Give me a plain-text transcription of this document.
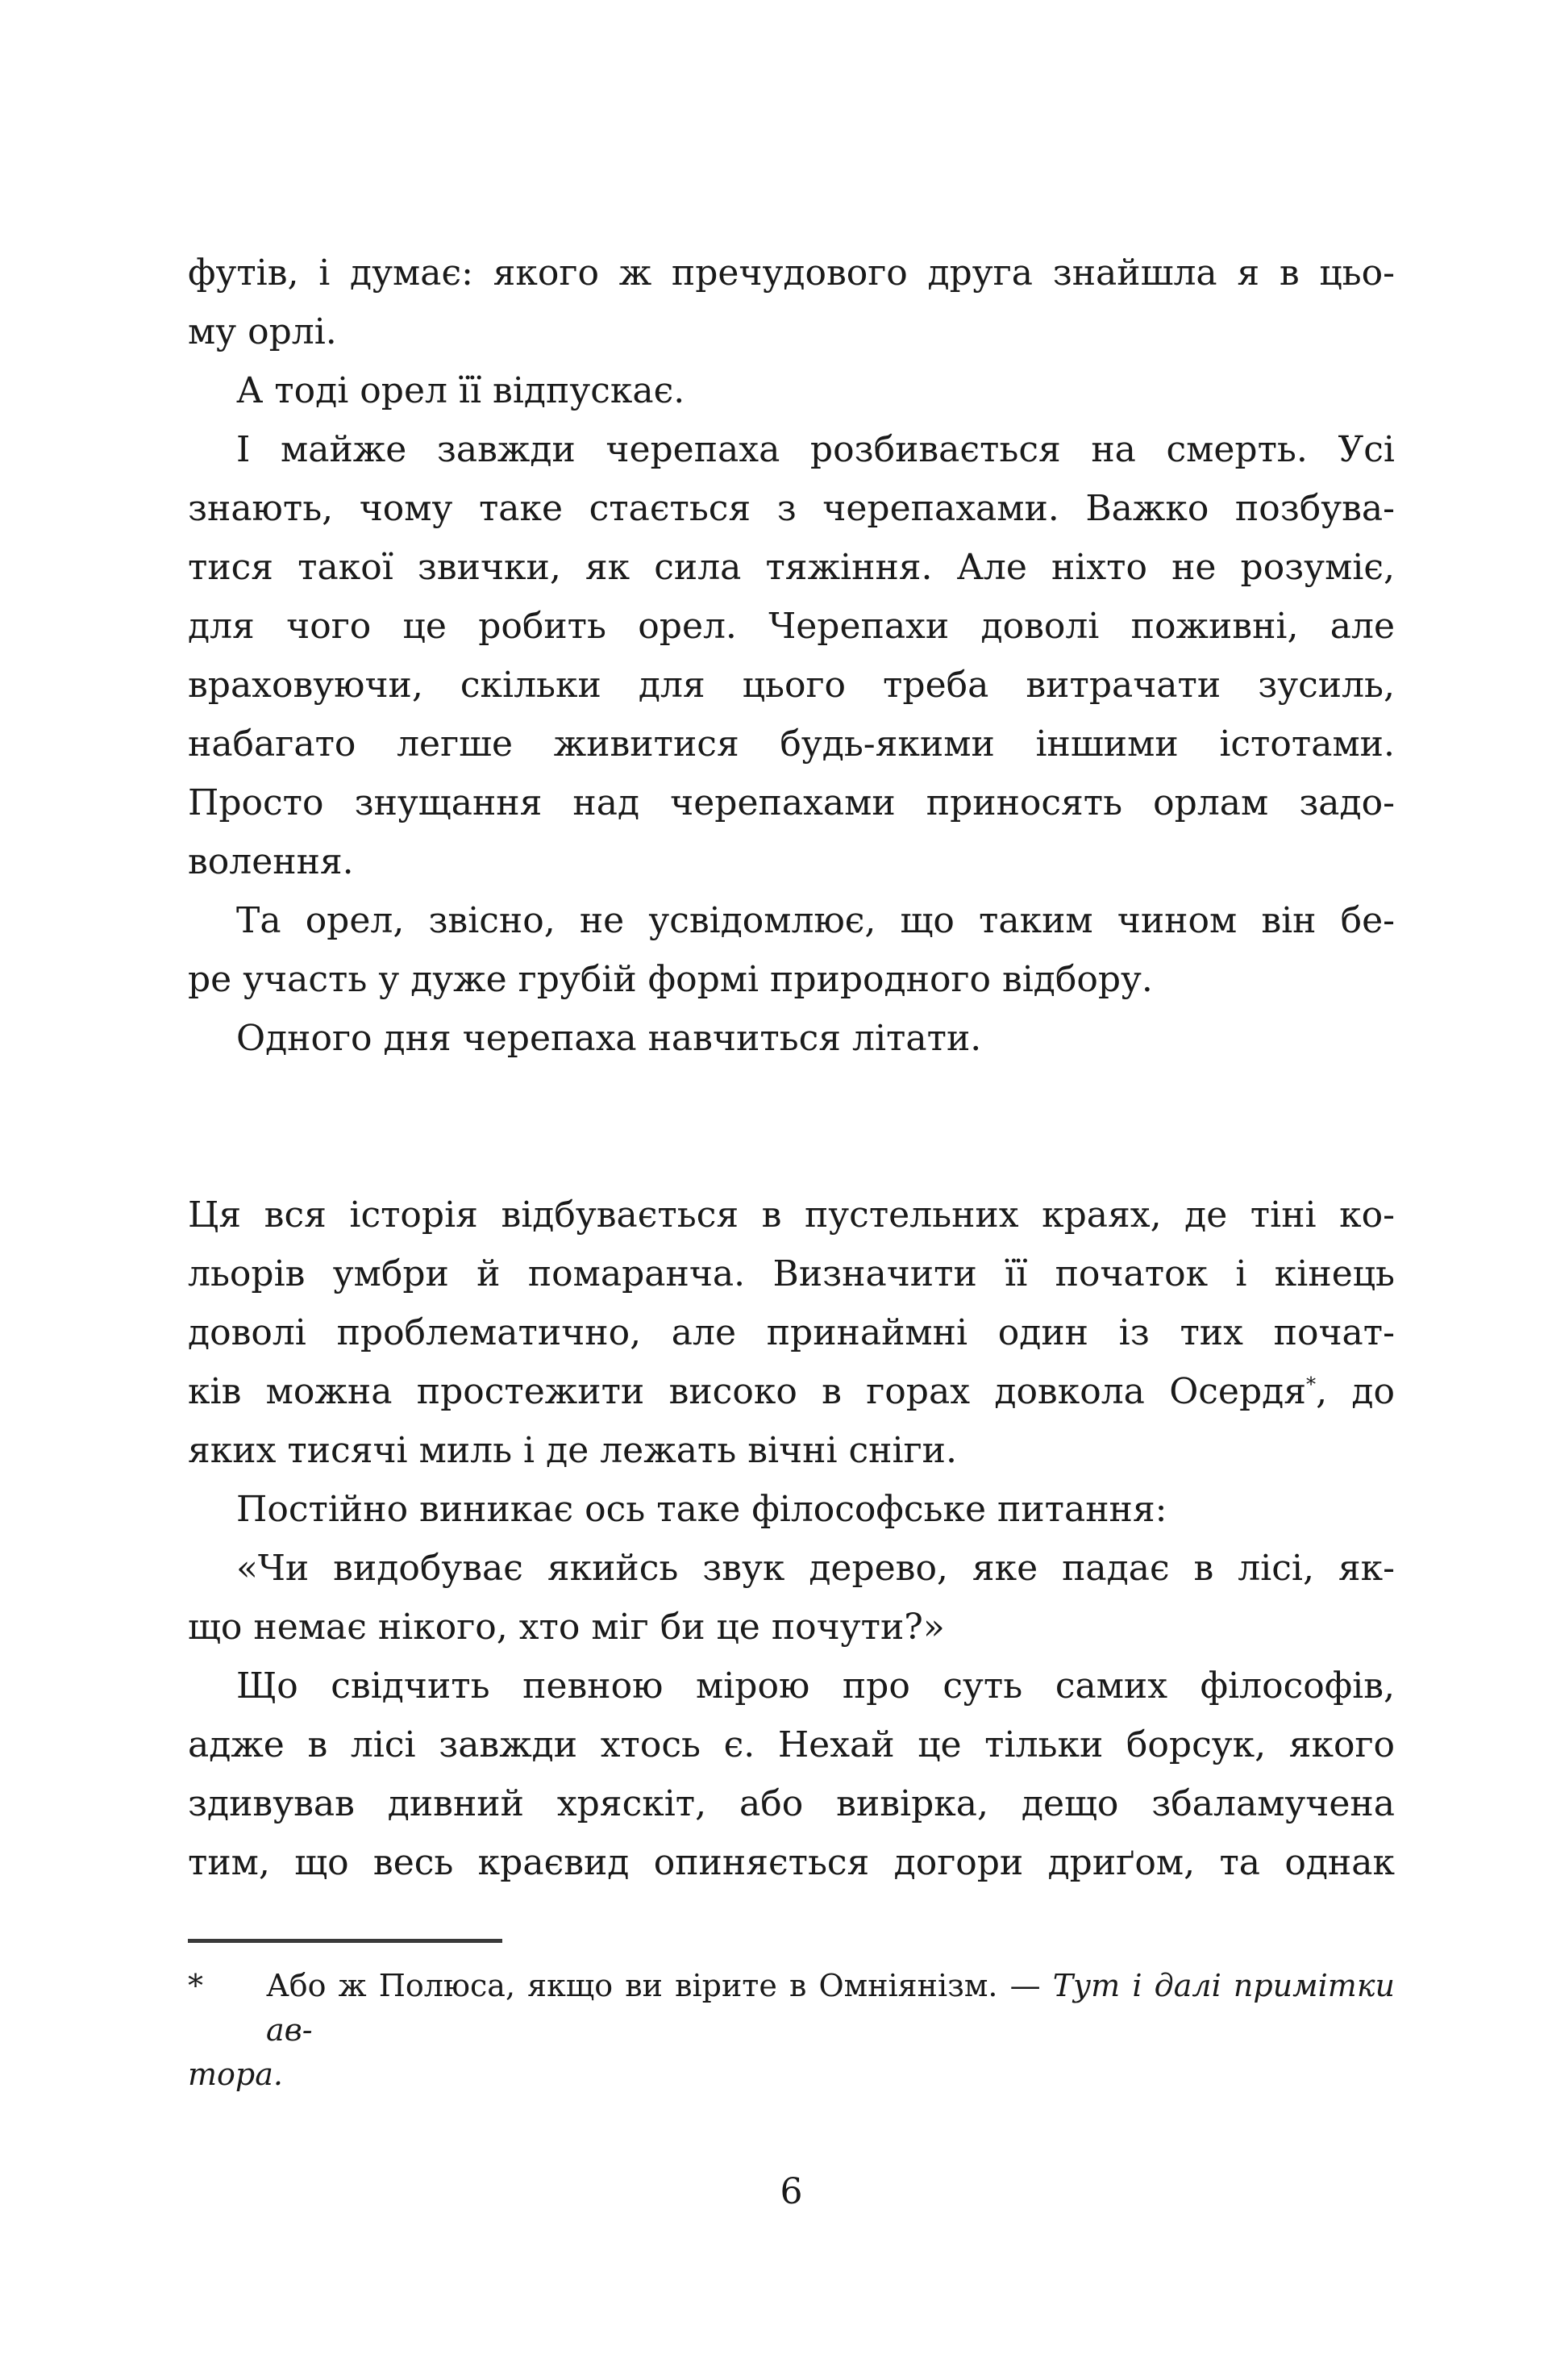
футів, і думає: якого ж пречудового друга знайшла я в цьо-
му орлі.
А тоді орел її відпускає.
І майже завжди черепаха розбивається на смерть. Усі
знають, чому таке стається з черепахами. Важко позбува-
тися такої звички, як сила тяжіння. Але ніхто не розуміє,
для чого це робить орел. Черепахи доволі поживні, але
враховуючи, скільки для цього треба витрачати зусиль,
набагато легше живитися будь-якими іншими істотами.
Просто знущання над черепахами приносять орлам задо-
волення.
Та орел, звісно, не усвідомлює, що таким чином він бе-
ре участь у дуже грубій формі природного відбору.
Одного дня черепаха навчиться літати.
Ця вся історія відбувається в пустельних краях, де тіні ко-
льорів умбри й помаранча. Визначити її початок і кінець
доволі проблематично, але принаймні один із тих почат-
ків можна простежити високо в горах довкола Осердя*, до
яких тисячі миль і де лежать вічні сніги.
Постійно виникає ось таке філософське питання:
«Чи видобуває якийсь звук дерево, яке падає в лісі, як-
що немає нікого, хто міг би це почути?»
Що свідчить певною мірою про суть самих філософів,
адже в лісі завжди хтось є. Нехай це тільки борсук, якого
здивував дивний хряскіт, або вивірка, дещо збаламучена
тим, що весь краєвид опиняється догори дриґом, та однак
* Або ж Полюса, якщо ви вірите в Омніянізм. — Тут і далі примітки ав-
тора.
6
